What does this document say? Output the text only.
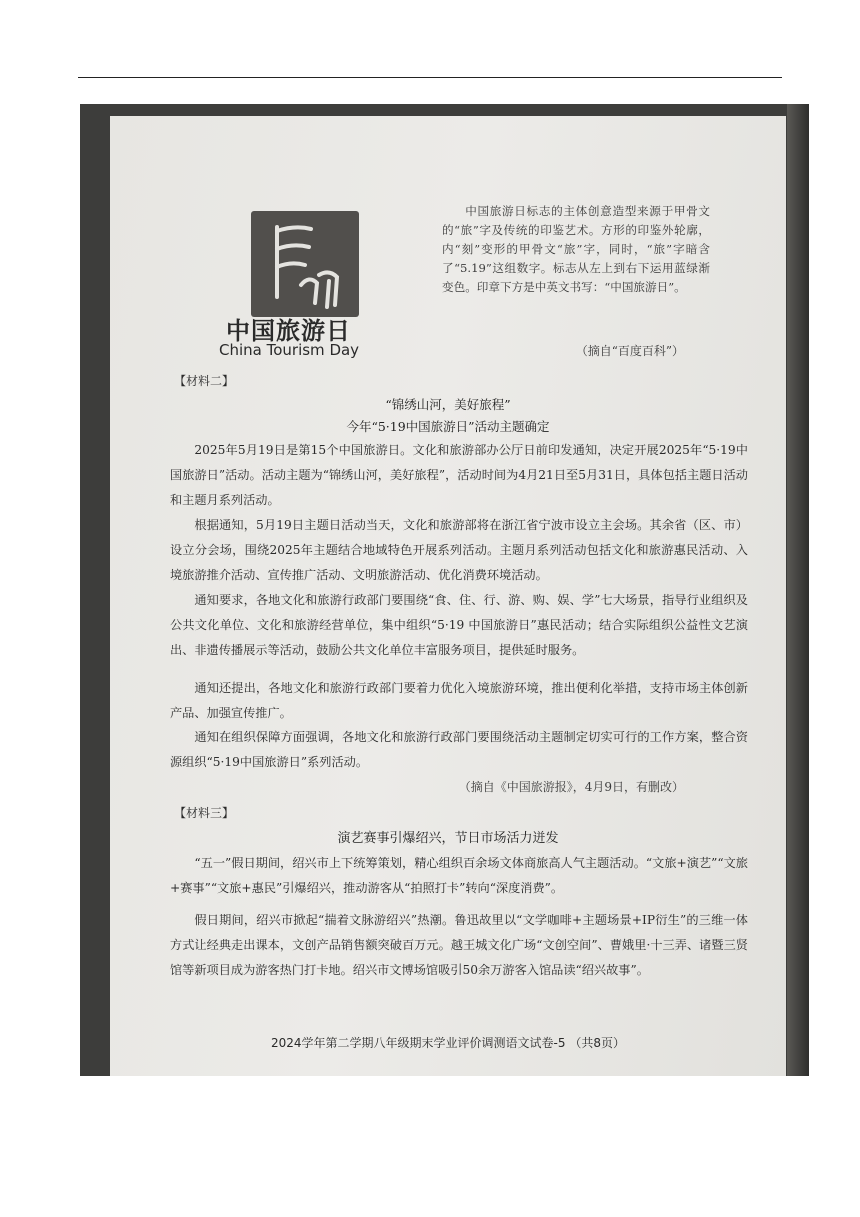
中国旅游日
China Tourism Day
中国旅游日标志的主体创意造型来源于甲骨文的“旅”字及传统的印鉴艺术。方形的印鉴外轮廓，内“刻”变形的甲骨文“旅”字，同时，“旅”字暗含了“5.19”这组数字。标志从左上到右下运用蓝绿渐变色。印章下方是中英文书写：“中国旅游日”。
（摘自“百度百科”）
【材料二】
“锦绣山河，美好旅程”
今年“5·19中国旅游日”活动主题确定
2025年5月19日是第15个中国旅游日。文化和旅游部办公厅日前印发通知，决定开展2025年“5·19中国旅游日”活动。活动主题为“锦绣山河，美好旅程”，活动时间为4月21日至5月31日，具体包括主题日活动和主题月系列活动。
根据通知，5月19日主题日活动当天，文化和旅游部将在浙江省宁波市设立主会场。其余省（区、市）设立分会场，围绕2025年主题结合地域特色开展系列活动。主题月系列活动包括文化和旅游惠民活动、入境旅游推介活动、宣传推广活动、文明旅游活动、优化消费环境活动。
通知要求，各地文化和旅游行政部门要围绕“食、住、行、游、购、娱、学”七大场景，指导行业组织及公共文化单位、文化和旅游经营单位，集中组织“5·19 中国旅游日”惠民活动；结合实际组织公益性文艺演出、非遗传播展示等活动，鼓励公共文化单位丰富服务项目，提供延时服务。
通知还提出，各地文化和旅游行政部门要着力优化入境旅游环境，推出便利化举措，支持市场主体创新产品、加强宣传推广。
通知在组织保障方面强调，各地文化和旅游行政部门要围绕活动主题制定切实可行的工作方案，整合资源组织“5·19中国旅游日”系列活动。
（摘自《中国旅游报》，4月9日，有删改）
【材料三】
演艺赛事引爆绍兴，节日市场活力迸发
“五一”假日期间，绍兴市上下统筹策划，精心组织百余场文体商旅高人气主题活动。“文旅+演艺”“文旅+赛事”“文旅+惠民”引爆绍兴，推动游客从“拍照打卡”转向“深度消费”。
假日期间，绍兴市掀起“揣着文脉游绍兴”热潮。鲁迅故里以“文学咖啡+主题场景+IP衍生”的三维一体方式让经典走出课本，文创产品销售额突破百万元。越王城文化广场“文创空间”、曹娥里·十三弄、诸暨三贤馆等新项目成为游客热门打卡地。绍兴市文博场馆吸引50余万游客入馆品读“绍兴故事”。
2024学年第二学期八年级期末学业评价调测语文试卷-5 （共8页）
